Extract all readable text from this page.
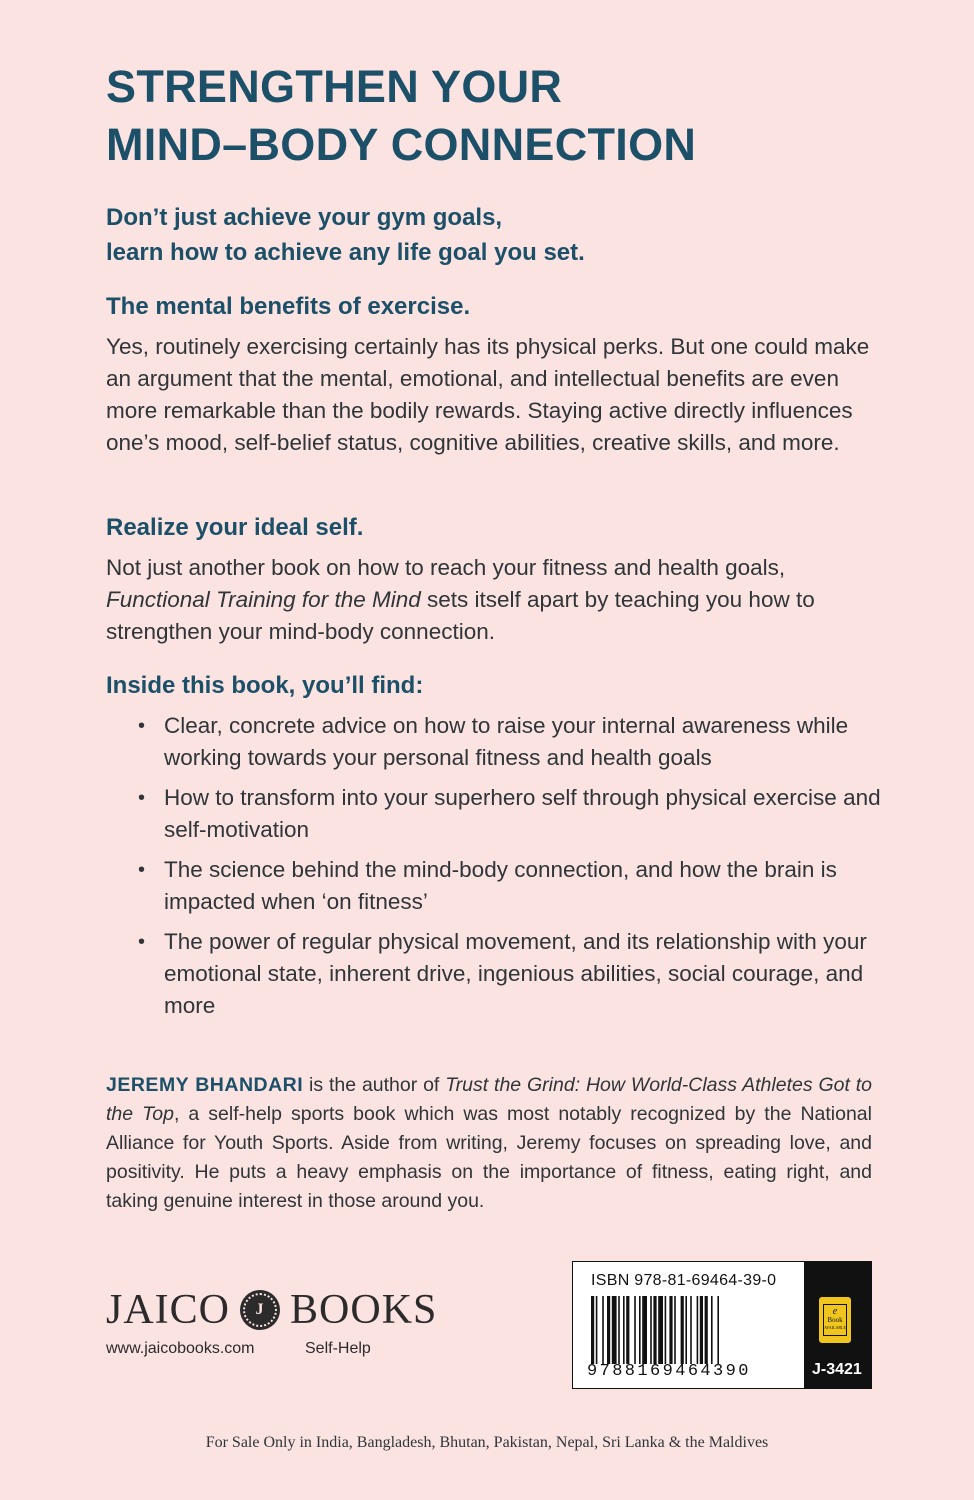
STRENGTHEN YOUR
MIND–BODY CONNECTION

Don’t just achieve your gym goals,
learn how to achieve any life goal you set.

The mental benefits of exercise.

Yes, routinely exercising certainly has its physical perks. But one could make an argument that the mental, emotional, and intellectual benefits are even more remarkable than the bodily rewards. Staying active directly influences one’s mood, self-belief status, cognitive abilities, creative skills, and more.

Realize your ideal self.

Not just another book on how to reach your fitness and health goals, Functional Training for the Mind sets itself apart by teaching you how to strengthen your mind-body connection.

Inside this book, you’ll find:
• Clear, concrete advice on how to raise your internal awareness while working towards your personal fitness and health goals
• How to transform into your superhero self through physical exercise and self-motivation
• The science behind the mind-body connection, and how the brain is impacted when ‘on fitness’
• The power of regular physical movement, and its relationship with your emotional state, inherent drive, ingenious abilities, social courage, and more

JEREMY BHANDARI is the author of Trust the Grind: How World-Class Athletes Got to the Top, a self-help sports book which was most notably recognized by the National Alliance for Youth Sports. Aside from writing, Jeremy focuses on spreading love, and positivity. He puts a heavy emphasis on the importance of fitness, eating right, and taking genuine interest in those around you.

JAICO J BOOKS
www.jaicobooks.com	Self-Help
ISBN 978-81-69464-39-0
9788169464390
e
Book
AVAILABLE
J-3421
For Sale Only in India, Bangladesh, Bhutan, Pakistan, Nepal, Sri Lanka & the Maldives
